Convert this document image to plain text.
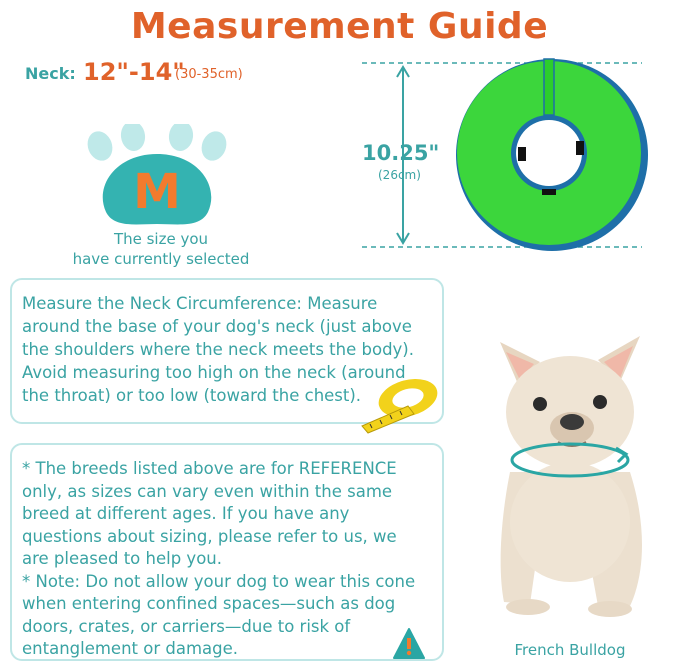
Measurement Guide
Neck: 12"-14"
(30-35cm)
M
The size you
have currently selected
10.25"
(26cm)
Measure the Neck Circumference: Measure
around the base of your dog's neck (just above
the shoulders where the neck meets the body).
Avoid measuring too high on the neck (around
the throat) or too low (toward the chest).
* The breeds listed above are for REFERENCE
only, as sizes can vary even within the same
breed at different ages. If you have any
questions about sizing, please refer to us, we
are pleased to help you.
* Note: Do not allow your dog to wear this cone
when entering confined spaces—such as dog
doors, crates, or carriers—due to risk of
entanglement or damage.	French Bulldog
